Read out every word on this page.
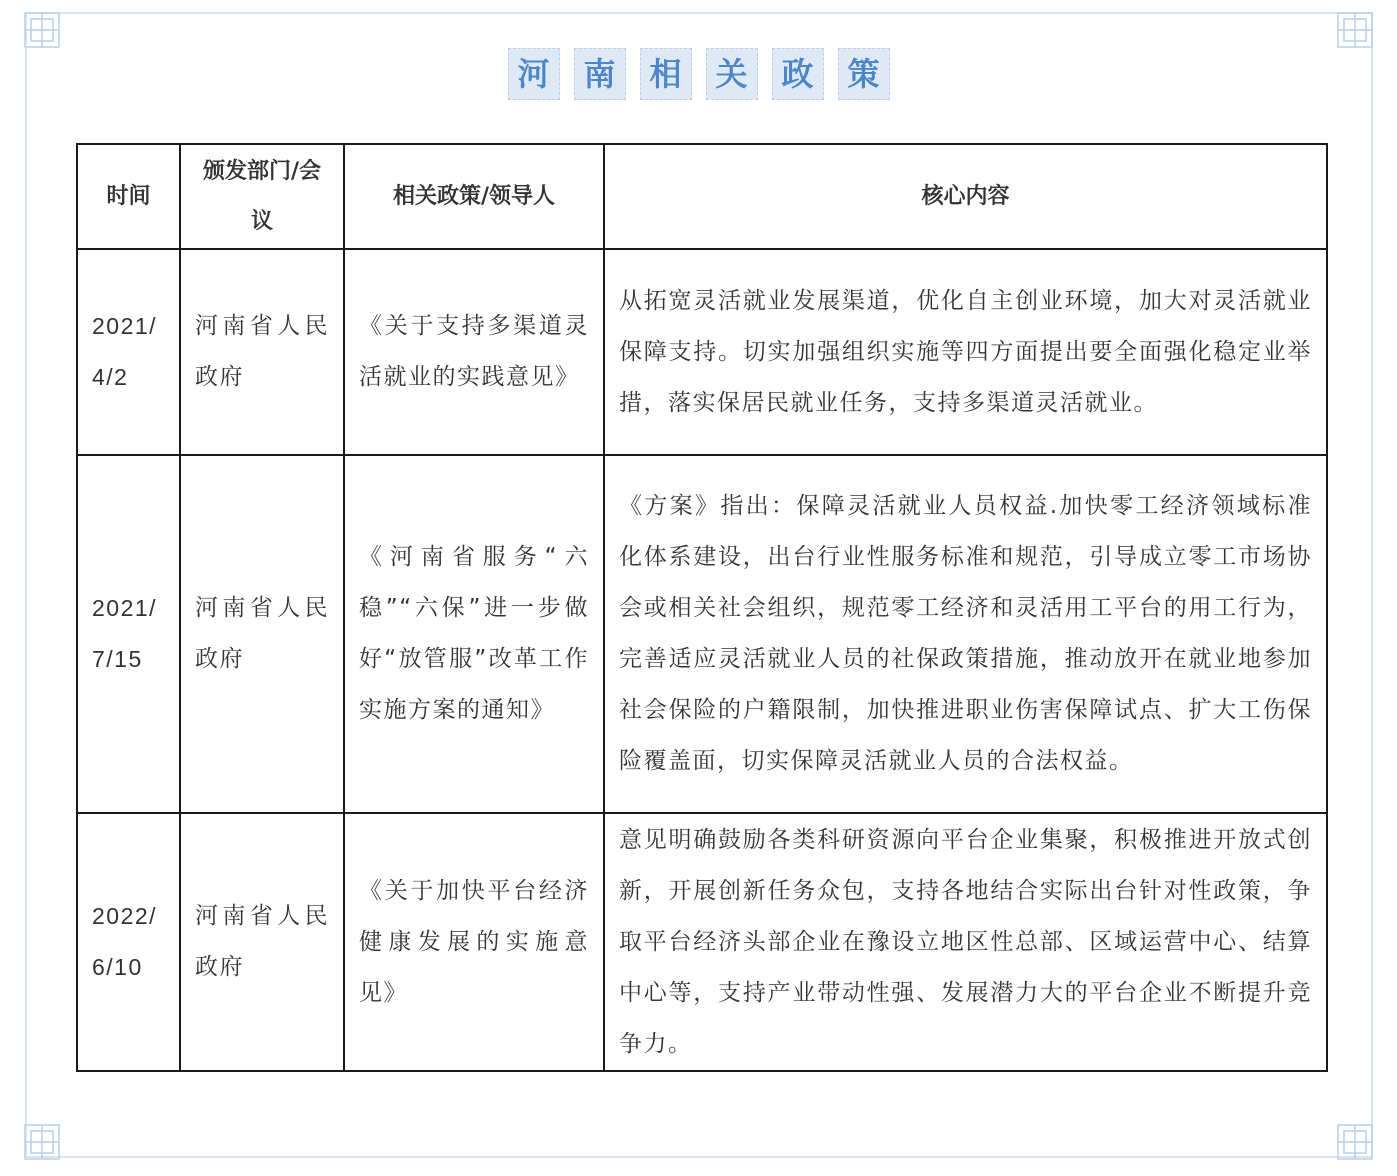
河	南	相	关	政	策
时间	颁发部门/会议	相关政策/领导人	核心内容
2021/4/2	河南省人民政府	《关于支持多渠道灵活就业的实践意见》	从拓宽灵活就业发展渠道，优化自主创业环境，加大对灵活就业保障支持。切实加强组织实施等四方面提出要全面强化稳定业举措，落实保居民就业任务，支持多渠道灵活就业。
2021/7/15	河南省人民政府	《河南省服务“六稳”“六保”进一步做好“放管服”改革工作实施方案的通知》	《方案》指出：保障灵活就业人员权益.加快零工经济领域标准化体系建设，出台行业性服务标准和规范，引导成立零工市场协会或相关社会组织，规范零工经济和灵活用工平台的用工行为，完善适应灵活就业人员的社保政策措施，推动放开在就业地参加社会保险的户籍限制，加快推进职业伤害保障试点、扩大工伤保险覆盖面，切实保障灵活就业人员的合法权益。
2022/6/10	河南省人民政府	《关于加快平台经济健康发展的实施意见》	意见明确鼓励各类科研资源向平台企业集聚，积极推进开放式创新，开展创新任务众包，支持各地结合实际出台针对性政策，争取平台经济头部企业在豫设立地区性总部、区域运营中心、结算中心等，支持产业带动性强、发展潜力大的平台企业不断提升竞争力。
